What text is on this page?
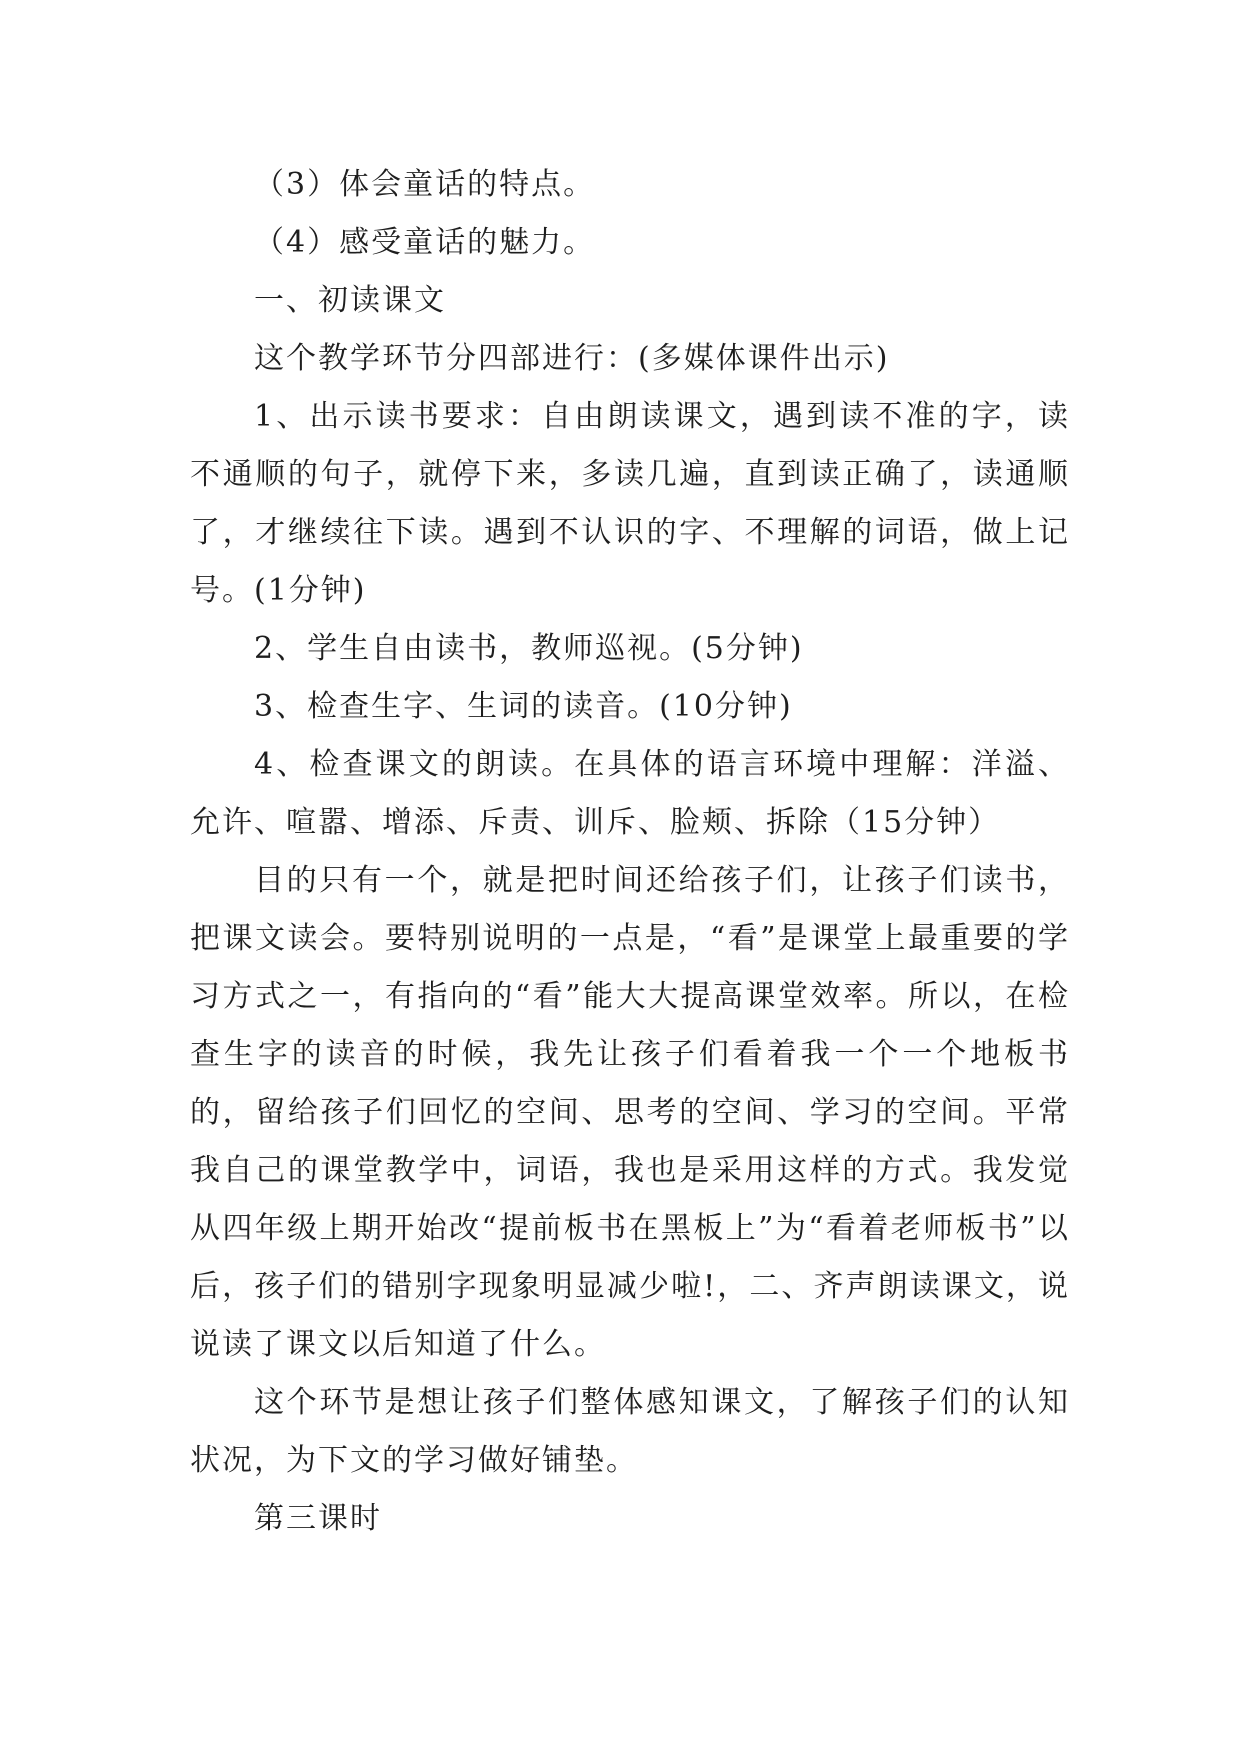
（3）体会童话的特点。

（4）感受童话的魅力。

一、初读课文

这个教学环节分四部进行：(多媒体课件出示)

1、出示读书要求：自由朗读课文，遇到读不准的字，读不通顺的句子，就停下来，多读几遍，直到读正确了，读通顺了，才继续往下读。遇到不认识的字、不理解的词语，做上记号。(1分钟)

2、学生自由读书，教师巡视。(5分钟)

3、检查生字、生词的读音。(10分钟)

4、检查课文的朗读。在具体的语言环境中理解：洋溢、允许、喧嚣、增添、斥责、训斥、脸颊、拆除（15分钟）

目的只有一个，就是把时间还给孩子们，让孩子们读书，把课文读会。要特别说明的一点是，“看”是课堂上最重要的学习方式之一，有指向的“看”能大大提高课堂效率。所以，在检查生字的读音的时候，我先让孩子们看着我一个一个地板书的，留给孩子们回忆的空间、思考的空间、学习的空间。平常我自己的课堂教学中，词语，我也是采用这样的方式。我发觉从四年级上期开始改“提前板书在黑板上”为“看着老师板书”以后，孩子们的错别字现象明显减少啦!，二、齐声朗读课文，说说读了课文以后知道了什么。

这个环节是想让孩子们整体感知课文，了解孩子们的认知状况，为下文的学习做好铺垫。

第三课时
